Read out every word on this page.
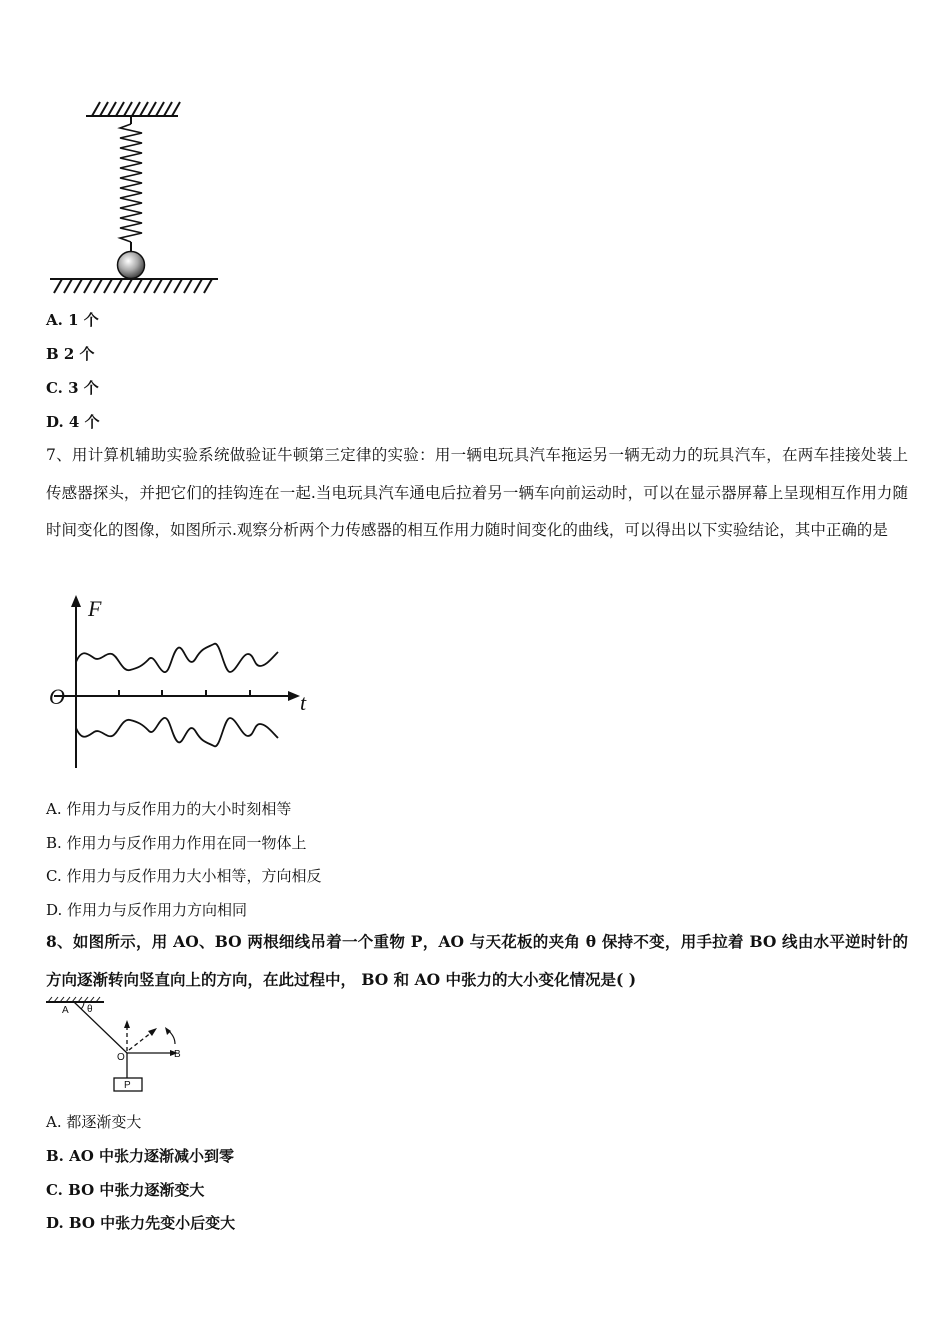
A. 1 个
B 2 个
C. 3 个
D. 4 个
7、用计算机辅助实验系统做验证牛顿第三定律的实验：用一辆电玩具汽车拖运另一辆无动力的玩具汽车，在两车挂接处装上传感器探头，并把它们的挂钩连在一起.当电玩具汽车通电后拉着另一辆车向前运动时，可以在显示器屏幕上呈现相互作用力随时间变化的图像，如图所示.观察分析两个力传感器的相互作用力随时间变化的曲线，可以得出以下实验结论，其中正确的是
F
t
O
A. 作用力与反作用力的大小时刻相等
B. 作用力与反作用力作用在同一物体上
C. 作用力与反作用力大小相等，方向相反
D. 作用力与反作用力方向相同
8、如图所示，用 AO、BO 两根细线吊着一个重物 P，AO 与天花板的夹角 θ 保持不变，用手拉着 BO 线由水平逆时针的方向逐渐转向竖直向上的方向，在此过程中， BO 和 AO 中张力的大小变化情况是( )
A θ
O	B
P
A. 都逐渐变大
B. AO 中张力逐渐减小到零
C. BO 中张力逐渐变大
D. BO 中张力先变小后变大
